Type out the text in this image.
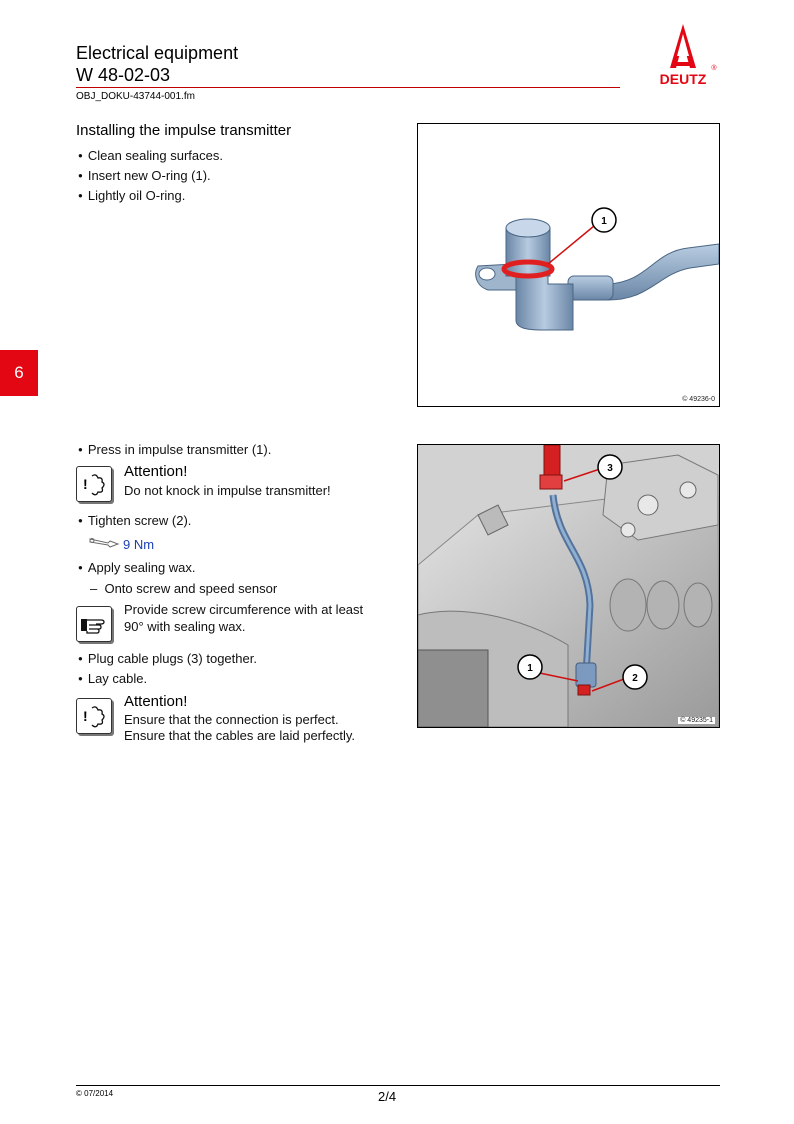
Electrical equipment
W 48-02-03
OBJ_DOKU-43744-001.fm
DEUTZ
®
6
Installing the impulse transmitter
● Clean sealing surfaces.
● Insert new O-ring (1).
● Lightly oil O-ring.
1
© 49236-0
● Press in impulse transmitter (1).
!
Attention!
Do not knock in impulse transmitter!
● Tighten screw (2).
9 Nm
● Apply sealing wax.
–  Onto screw and speed sensor
Provide screw circumference with at least
90° with sealing wax.
● Plug cable plugs (3) together.
● Lay cable.
!
Attention!
Ensure that the connection is perfect.
Ensure that the cables are laid perfectly.
3
1
2
© 49235-1
© 07/2014	2/4
